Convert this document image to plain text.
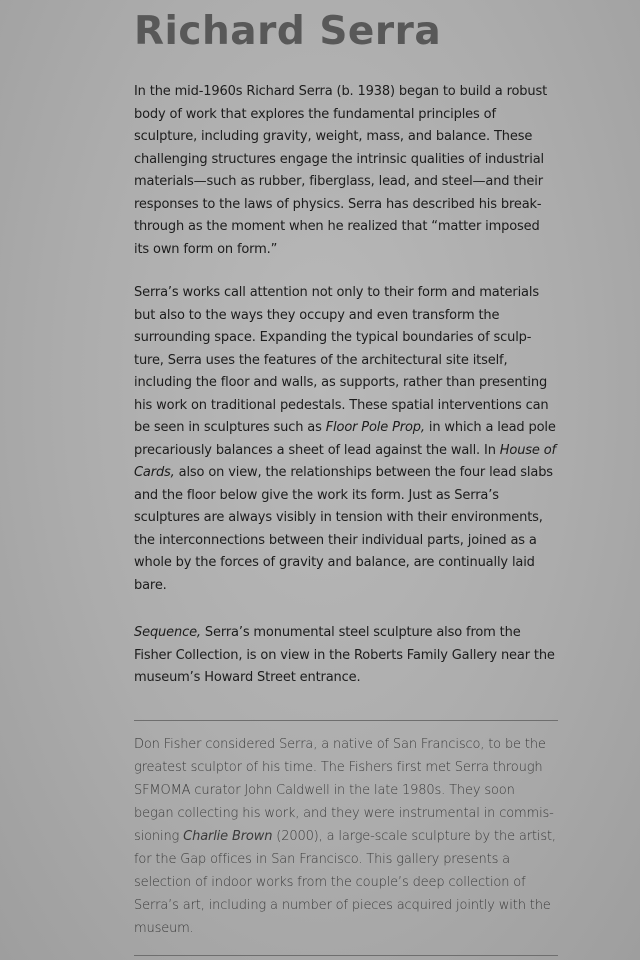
Richard Serra

In the mid-1960s Richard Serra (b. 1938) began to build a robust body of work that explores the fundamental principles of sculpture, including gravity, weight, mass, and balance. These challenging structures engage the intrinsic qualities of industrial materials—such as rubber, fiberglass, lead, and steel—and their responses to the laws of physics. Serra has described his break-through as the moment when he realized that “matter imposed its own form on form.”

Serra’s works call attention not only to their form and materials but also to the ways they occupy and even transform the surrounding space. Expanding the typical boundaries of sculp-ture, Serra uses the features of the architectural site itself, including the floor and walls, as supports, rather than presenting his work on traditional pedestals. These spatial interventions can be seen in sculptures such as Floor Pole Prop, in which a lead pole precariously balances a sheet of lead against the wall. In House of Cards, also on view, the relationships between the four lead slabs and the floor below give the work its form. Just as Serra’s sculptures are always visibly in tension with their environments, the interconnections between their individual parts, joined as a whole by the forces of gravity and balance, are continually laid bare.

Sequence, Serra’s monumental steel sculpture also from the Fisher Collection, is on view in the Roberts Family Gallery near the museum’s Howard Street entrance.

Don Fisher considered Serra, a native of San Francisco, to be the greatest sculptor of his time. The Fishers first met Serra through SFMOMA curator John Caldwell in the late 1980s. They soon began collecting his work, and they were instrumental in commis-sioning Charlie Brown (2000), a large-scale sculpture by the artist, for the Gap offices in San Francisco. This gallery presents a selection of indoor works from the couple’s deep collection of Serra’s art, including a number of pieces acquired jointly with the museum.
